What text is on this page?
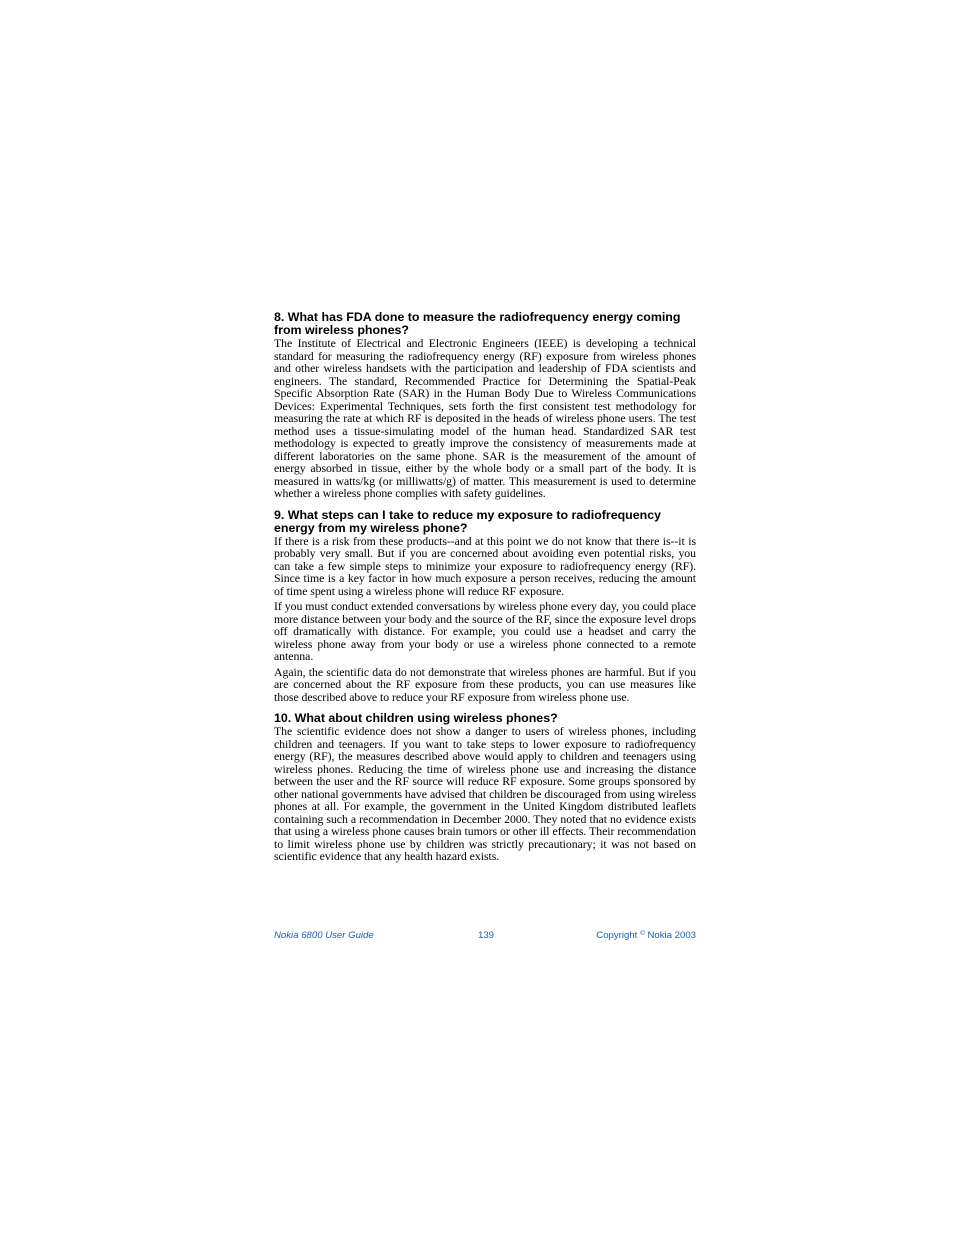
8. What has FDA done to measure the radiofrequency energy coming from wireless phones?

The Institute of Electrical and Electronic Engineers (IEEE) is developing a technical standard for measuring the radiofrequency energy (RF) exposure from wireless phones and other wireless handsets with the participation and leadership of FDA scientists and engineers. The standard, Recommended Practice for Determining the Spatial-Peak Specific Absorption Rate (SAR) in the Human Body Due to Wireless Communications Devices: Experimental Techniques, sets forth the first consistent test methodology for measuring the rate at which RF is deposited in the heads of wireless phone users. The test method uses a tissue-simulating model of the human head. Standardized SAR test methodology is expected to greatly improve the consistency of measurements made at different laboratories on the same phone. SAR is the measurement of the amount of energy absorbed in tissue, either by the whole body or a small part of the body. It is measured in watts/kg (or milliwatts/g) of matter. This measurement is used to determine whether a wireless phone complies with safety guidelines.

9. What steps can I take to reduce my exposure to radiofrequency energy from my wireless phone?

If there is a risk from these products--and at this point we do not know that there is--it is probably very small. But if you are concerned about avoiding even potential risks, you can take a few simple steps to minimize your exposure to radiofrequency energy (RF). Since time is a key factor in how much exposure a person receives, reducing the amount of time spent using a wireless phone will reduce RF exposure.

If you must conduct extended conversations by wireless phone every day, you could place more distance between your body and the source of the RF, since the exposure level drops off dramatically with distance. For example, you could use a headset and carry the wireless phone away from your body or use a wireless phone connected to a remote antenna.

Again, the scientific data do not demonstrate that wireless phones are harmful. But if you are concerned about the RF exposure from these products, you can use measures like those described above to reduce your RF exposure from wireless phone use.

10. What about children using wireless phones?

The scientific evidence does not show a danger to users of wireless phones, including children and teenagers. If you want to take steps to lower exposure to radiofrequency energy (RF), the measures described above would apply to children and teenagers using wireless phones. Reducing the time of wireless phone use and increasing the distance between the user and the RF source will reduce RF exposure. Some groups sponsored by other national governments have advised that children be discouraged from using wireless phones at all. For example, the government in the United Kingdom distributed leaflets containing such a recommendation in December 2000. They noted that no evidence exists that using a wireless phone causes brain tumors or other ill effects. Their recommendation to limit wireless phone use by children was strictly precautionary; it was not based on scientific evidence that any health hazard exists.

Nokia 6800 User Guide	139	Copyright © Nokia 2003
